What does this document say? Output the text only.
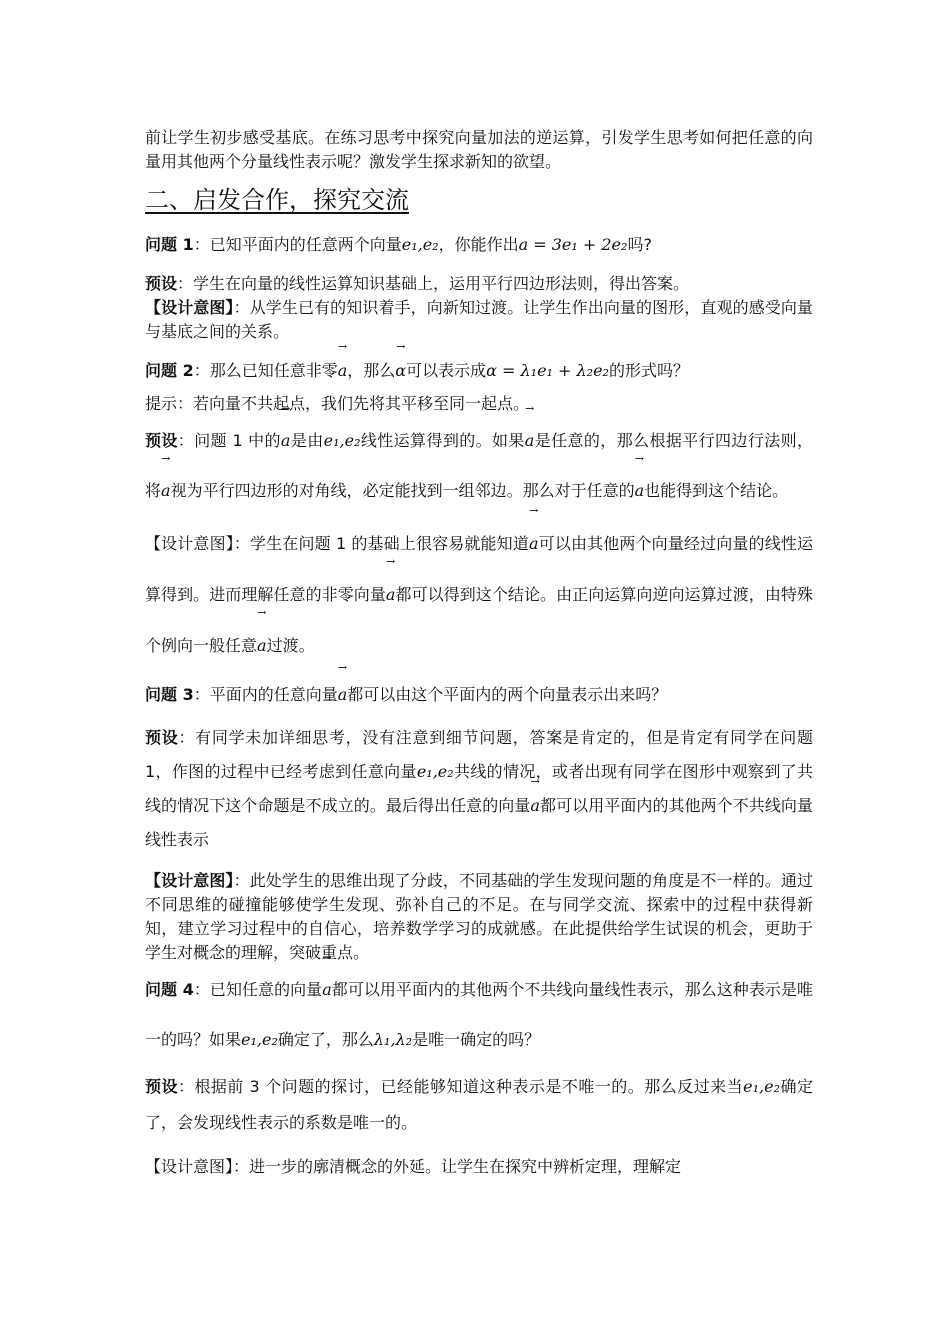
前让学生初步感受基底。在练习思考中探究向量加法的逆运算，引发学生思考如何把任意的向量用其他两个分量线性表示呢？激发学生探求新知的欲望。

二、启发合作，探究交流

问题 1：已知平面内的任意两个向量e₁,e₂，你能作出a = 3e₁ + 2e₂吗?

预设：学生在向量的线性运算知识基础上，运用平行四边形法则，得出答案。

【设计意图】：从学生已有的知识着手，向新知过渡。让学生作出向量的图形，直观的感受向量与基底之间的关系。

问题 2：那么已知任意非零→ a，那么→ α可以表示成α = λ₁e₁ + λ₂e₂的形式吗？

提示：若向量不共起点，我们先将其平移至同一起点。

预设：问题 1 中的→ a是由e₁,e₂线性运算得到的。如果→ a是任意的，那么根据平行四边行法则，将→ a视为平行四边形的对角线，必定能找到一组邻边。那么对于任意的→ a也能得到这个结论。

【设计意图】：学生在问题 1 的基础上很容易就能知道→ a可以由其他两个向量经过向量的线性运算得到。进而理解任意的非零向量→ a都可以得到这个结论。由正向运算向逆向运算过渡，由特殊个例向一般任意→ a过渡。

问题 3：平面内的任意向量→ a都可以由这个平面内的两个向量表示出来吗？

预设：有同学未加详细思考，没有注意到细节问题，答案是肯定的，但是肯定有同学在问题 1，作图的过程中已经考虑到任意向量e₁,e₂共线的情况，或者出现有同学在图形中观察到了共线的情况下这个命题是不成立的。最后得出任意的向量→ a都可以用平面内的其他两个不共线向量线性表示

【设计意图】：此处学生的思维出现了分歧，不同基础的学生发现问题的角度是不一样的。通过不同思维的碰撞能够使学生发现、弥补自己的不足。在与同学交流、探索中的过程中获得新知，建立学习过程中的自信心，培养数学学习的成就感。在此提供给学生试误的机会，更助于学生对概念的理解，突破重点。

问题 4：已知任意的向量→ a都可以用平面内的其他两个不共线向量线性表示，那么这种表示是唯一的吗？如果e₁,e₂确定了，那么λ₁,λ₂是唯一确定的吗？

预设：根据前 3 个问题的探讨，已经能够知道这种表示是不唯一的。那么反过来当e₁,e₂确定了，会发现线性表示的系数是唯一的。

【设计意图】：进一步的廓清概念的外延。让学生在探究中辨析定理，理解定
